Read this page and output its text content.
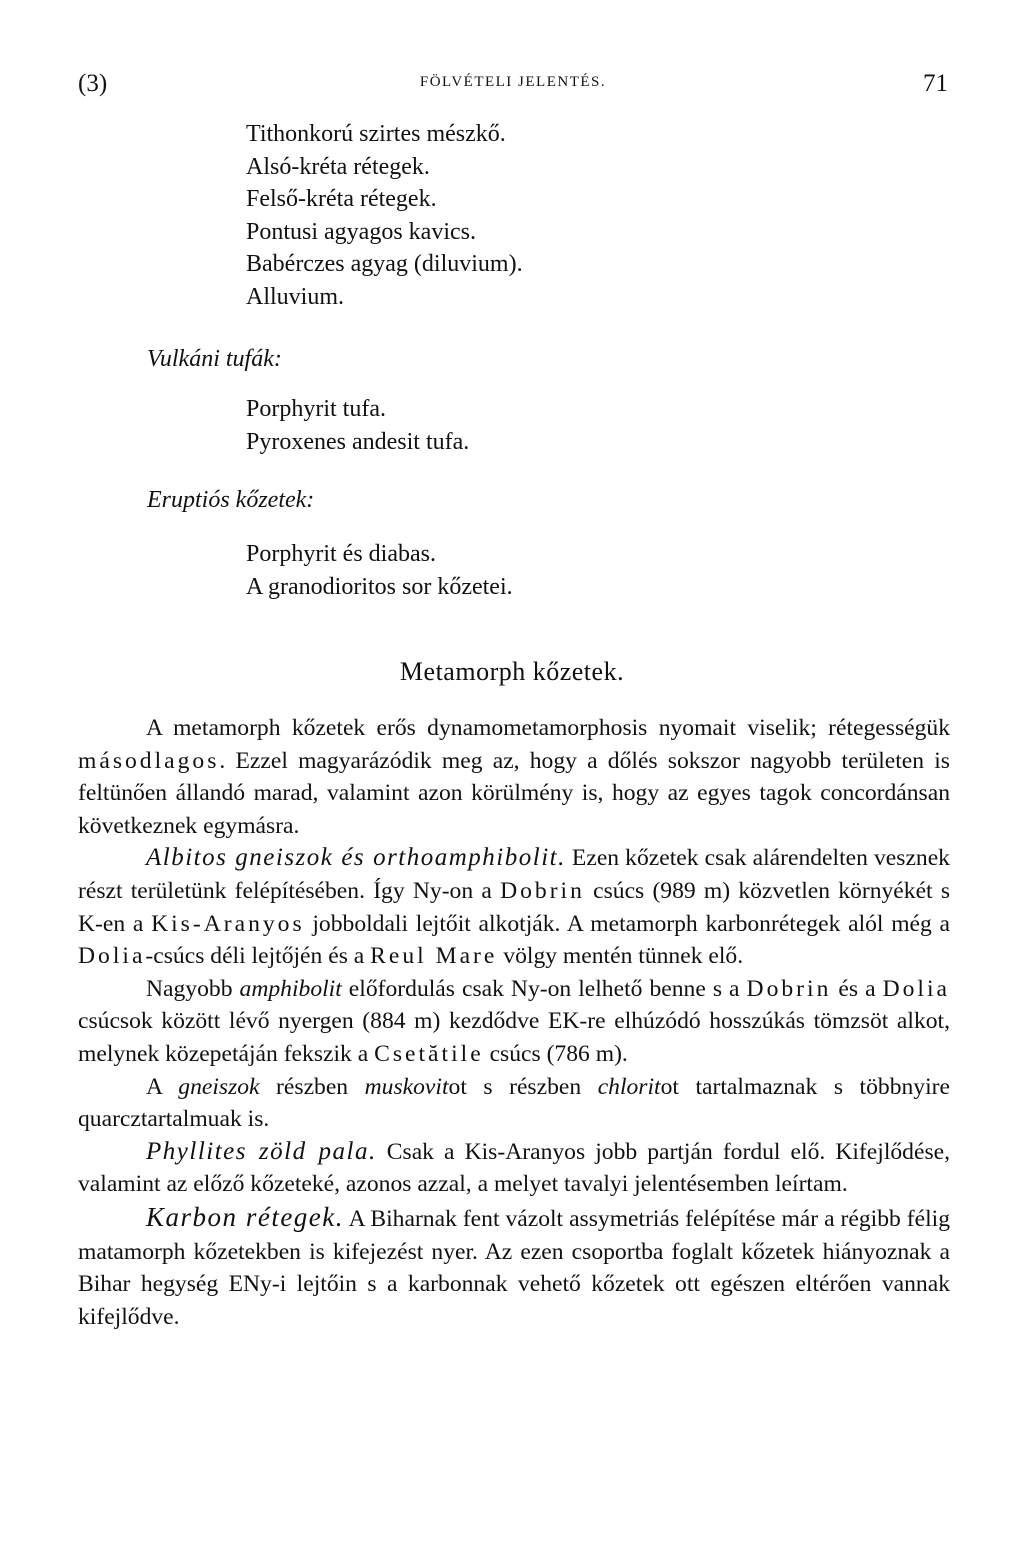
(3)	FÖLVÉTELI JELENTÉS.	71
Tithonkorú szirtes mészkő.
Alsó-kréta rétegek.
Felső-kréta rétegek.
Pontusi agyagos kavics.
Babérczes agyag (diluvium).
Alluvium.
Vulkáni tufák:
Porphyrit tufa.
Pyroxenes andesit tufa.
Eruptiós kőzetek:
Porphyrit és diabas.
A granodioritos sor kőzetei.
Metamorph kőzetek.

A metamorph kőzetek erős dynamometamorphosis nyomait viselik; rétegességük másodlagos. Ezzel magyarázódik meg az, hogy a dőlés sokszor nagyobb területen is feltünően állandó marad, valamint azon körülmény is, hogy az egyes tagok concordánsan következnek egymásra.

Albitos gneiszok és orthoamphibolit. Ezen kőzetek csak alárendelten vesznek részt területünk felépítésében. Így Ny-on a Dobrin csúcs (989 m) közvetlen környékét s K-en a Kis-Aranyos jobboldali lejtőit alkotják. A metamorph karbonrétegek alól még a Dolia-csúcs déli lejtőjén és a Reul Mare völgy mentén tünnek elő.

Nagyobb amphibolit előfordulás csak Ny-on lelhető benne s a Dobrin és a Dolia csúcsok között lévő nyergen (884 m) kezdődve EK-re elhúzódó hosszúkás tömzsöt alkot, melynek közepetáján fekszik a Csetătile csúcs (786 m).

A gneiszok részben muskovitot s részben chloritot tartalmaznak s többnyire quarcztartalmuak is.

Phyllites zöld pala. Csak a Kis-Aranyos jobb partján fordul elő. Kifejlődése, valamint az előző kőzeteké, azonos azzal, a melyet tavalyi jelentésemben leírtam.

Karbon rétegek. A Biharnak fent vázolt assymetriás felépítése már a régibb félig matamorph kőzetekben is kifejezést nyer. Az ezen csoportba foglalt kőzetek hiányoznak a Bihar hegység ENy-i lejtőin s a karbonnak vehető kőzetek ott egészen eltérően vannak kifejlődve.
